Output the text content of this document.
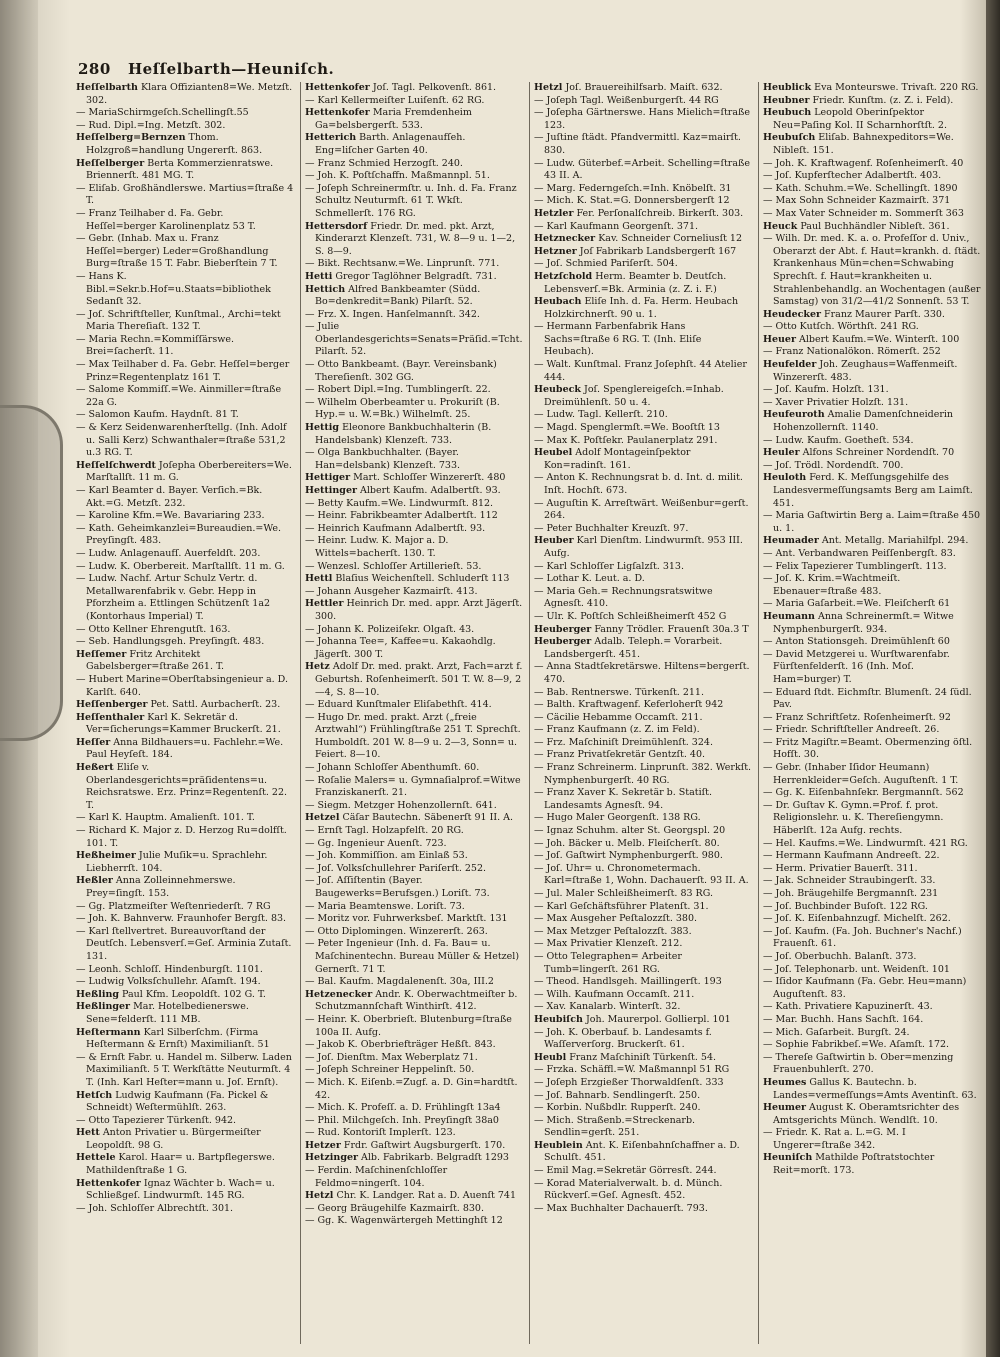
280 Heſſelbarth—Heuniſch.

Heſſelbarth Klara Offizianten8=We. Metzſt. 302.

— MariaSchirmgeſch.Schellingſt.55

— Rud. Dipl.=Ing. Metzſt. 302.

Heſſelberg=Bernzen Thom. Holzgroß=handlung Ungererſt. 863.

Heſſelberger Berta Kommerzienratswe. Briennerſt. 481 MG. T.

— Eliſab. Großhändlerswe. Martius=ſtraße 4 T.

— Franz Teilhaber d. Fa. Gebr. Heſſel=berger Karolinenplatz 53 T.

— Gebr. (Inhab. Max u. Franz Heſſel=berger) Leder=Großhandlung Burg=ſtraße 15 T. Fabr. Bieberſtein 7 T.

— Hans K. Bibl.=Sekr.b.Hof=u.Staats=bibliothek Sedanſt 32.

— Joſ. Schriftſteller, Kunſtmal., Archi=tekt Maria Thereſiaſt. 132 T.

— Maria Rechn.=Kommiſſärswe. Brei=ſacherſt. 11.

— Max Teilhaber d. Fa. Gebr. Heſſel=berger Prinz=Regentenplatz 161 T.

— Salome Kommiſſ.=We. Ainmiller=ſtraße 22a G.

— Salomon Kaufm. Haydnſt. 81 T.

— & Kerz Seidenwarenherſtellg. (Inh. Adolf u. Salli Kerz) Schwanthaler=ſtraße 531,2 u.3 RG. T.

Heſſelſchwerdt Joſepha Oberbereiters=We. Marſtallſt. 11 m. G.

— Karl Beamter d. Bayer. Verſich.=Bk. Akt.=G. Metzſt. 232.

— Karoline Kfm.=We. Bavariaring 233.

— Kath. Geheimkanzlei=Bureaudien.=We. Preyſingſt. 483.

— Ludw. Anlagenaufſ. Auerfeldſt. 203.

— Ludw. K. Oberbereit. Marſtallſt. 11 m. G.

— Ludw. Nachf. Artur Schulz Vertr. d. Metallwarenfabrik v. Gebr. Hepp in Pforzheim a. Ettlingen Schützenſt 1a2 (Kontorhaus Imperial) T.

— Otto Kellner Ehrengutſt. 163.

— Seb. Handlungsgeh. Preyſingſt. 483.

Heſſemer Fritz Architekt Gabelsberger=ſtraße 261. T.

— Hubert Marine=Oberſtabsingenieur a. D. Karlſt. 640.

Heſſenberger Pet. Sattl. Aurbacherſt. 23.

Heſſenthaler Karl K. Sekretär d. Ver=ſicherungs=Kammer Bruckerſt. 21.

Heſſer Anna Bildhauers=u. Fachlehr.=We. Paul Heyſeſt. 184.

Heßert Eliſe v. Oberlandesgerichts=präſidentens=u. Reichsratswe. Erz. Prinz=Regentenſt. 22. T.

— Karl K. Hauptm. Amalienſt. 101. T.

— Richard K. Major z. D. Herzog Ru=dolfſt. 101. T.

Heßheimer Julie Muſik=u. Sprachlehr. Liebherrſt. 104.

Heßler Anna Zolleinnehmerswe. Prey=ſingſt. 153.

— Gg. Platzmeiſter Weſtenriederſt. 7 RG

— Joh. K. Bahnverw. Fraunhofer Bergſt. 83.

— Karl ſtellvertret. Bureauvorſtand der Deutſch. Lebensverſ.=Geſ. Arminia Zutaſt. 131.

— Leonh. Schloſſ. Hindenburgſt. 1101.

— Ludwig Volksſchullehr. Aſamſt. 194.

Heßling Paul Kfm. Leopoldſt. 102 G. T.

Heßlinger Mar. Hotelbedienerswe. Sene=felderſt. 111 MB.

Heſtermann Karl Silberſchm. (Firma Heſtermann & Ernſt) Maximilianſt. 51

— & Ernſt Fabr. u. Handel m. Silberw. Laden Maximilianſt. 5 T. Werkſtätte Neuturmſt. 4 T. (Inh. Karl Heſter=mann u. Joſ. Ernſt).

Hetſch Ludwig Kaufmann (Fa. Pickel & Schneidt) Weſtermühlſt. 263.

— Otto Tapezierer Türkenſt. 942.

Hett Anton Privatier u. Bürgermeiſter Leopoldſt. 98 G.

Hettele Karol. Haar= u. Bartpflegerswe. Mathildenſtraße 1 G.

Hettenkofer Ignaz Wächter b. Wach= u. Schließgeſ. Lindwurmſt. 145 RG.

— Joh. Schloſſer Albrechtſt. 301.

Hettenkofer Joſ. Tagl. Pelkovenſt. 861.

— Karl Kellermeiſter Luiſenſt. 62 RG.

Hettenkofer Maria Fremdenheim Ga=belsbergerſt. 533.

Hetterich Barth. Anlagenaufſeh. Eng=liſcher Garten 40.

— Franz Schmied Herzogſt. 240.

— Joh. K. Poſtſchaffn. Maßmannpl. 51.

— Joſeph Schreinermſtr. u. Inh. d. Fa. Franz Schultz Neuturmſt. 61 T. Wkſt. Schmellerſt. 176 RG.

Hettersdorf Friedr. Dr. med. pkt. Arzt, Kinderarzt Klenzeſt. 731, W. 8—9 u. 1—2, S. 8—9.

— Bikt. Rechtsanw.=We. Linprunſt. 771.

Hetti Gregor Taglöhner Belgradſt. 731.

Hettich Alfred Bankbeamter (Südd. Bo=denkredit=Bank) Pilarſt. 52.

— Frz. X. Ingen. Hanſelmannſt. 342.

— Julie Oberlandesgerichts=Senats=Präſid.=Tcht. Pilarſt. 52.

— Otto Bankbeamt. (Bayr. Vereinsbank) Thereſienſt. 302 GG.

— Robert Dipl.=Ing. Tumblingerſt. 22.

— Wilhelm Oberbeamter u. Prokuriſt (B. Hyp.= u. W.=Bk.) Wilhelmſt. 25.

Hettig Eleonore Bankbuchhalterin (B. Handelsbank) Klenzeſt. 733.

— Olga Bankbuchhalter. (Bayer. Han=delsbank) Klenzeſt. 733.

Hettiger Mart. Schloſſer Winzererſt. 480

Hettinger Albert Kaufm. Adalbertſt. 93.

— Betty Kaufm.=We. Lindwurmſt. 812.

— Heinr. Fabrikbeamter Adalbertſt. 112

— Heinrich Kaufmann Adalbertſt. 93.

— Heinr. Ludw. K. Major a. D. Wittels=bacherſt. 130. T.

— Wenzesl. Schloſſer Artillerieſt. 53.

Hettl Blaſius Weichenſtell. Schluderſt 113

— Johann Ausgeher Kazmairſt. 413.

Hettler Heinrich Dr. med. appr. Arzt Jägerſt. 300.

— Johann K. Polizeiſekr. Olgaſt. 43.

— Johanna Tee=, Kaffee=u. Kakaohdlg. Jägerſt. 300 T.

Hetz Adolf Dr. med. prakt. Arzt, Fach=arzt f. Geburtsh. Roſenheimerſt. 501 T. W. 8—9, 2—4, S. 8—10.

— Eduard Kunſtmaler Eliſabethſt. 414.

— Hugo Dr. med. prakt. Arzt („freie Arztwahl“) Frühlingſtraße 251 T. Sprechſt. Humboldſt. 201 W. 8—9 u. 2—3, Sonn= u. Feiert. 8—10.

— Johann Schloſſer Abenthumſt. 60.

— Roſalie Malers= u. Gymnaſialprof.=Witwe Franziskanerſt. 21.

— Siegm. Metzger Hohenzollernſt. 641.

Hetzel Cäſar Bautechn. Säbenerſt 91 II. A.

— Ernſt Tagl. Holzapfelſt. 20 RG.

— Gg. Ingenieur Auenſt. 723.

— Joh. Kommiſſion. am Einlaß 53.

— Joſ. Volksſchullehrer Pariſerſt. 252.

— Joſ. Aſſiſtentin (Bayer. Baugewerks=Berufsgen.) Loriſt. 73.

— Maria Beamtenswe. Loriſt. 73.

— Moritz vor. Fuhrwerksbeſ. Marktſt. 131

— Otto Diplomingen. Winzererſt. 263.

— Peter Ingenieur (Inh. d. Fa. Bau= u. Maſchinentechn. Bureau Müller & Hetzel) Gernerſt. 71 T.

— Bal. Kaufm. Magdalenenſt. 30a, III.2

Hetzenecker Andr. K. Oberwachtmeiſter b. Schutzmannſchaft Winthirſt. 412.

— Heinr. K. Oberbrieſt. Blutenburg=ſtraße 100a II. Aufg.

— Jakob K. Oberbriefträger Heßſt. 843.

— Joſ. Dienſtm. Max Weberplatz 71.

— Joſeph Schreiner Heppelinſt. 50.

— Mich. K. Eiſenb.=Zugf. a. D. Gin=hardtſt. 42.

— Mich. K. Profeſſ. a. D. Frühlingſt 13a4

— Phil. Milchgeſch. Inh. Preyſingſt 38a0

— Rud. Kontoriſt Implerſt. 123.

Hetzer Frdr. Gaſtwirt Augsburgerſt. 170.

Hetzinger Alb. Fabrikarb. Belgradſt 1293

— Ferdin. Maſchinenſchloſſer Feldmo=ningerſt. 104.

Hetzl Chr. K. Landger. Rat a. D. Auenſt 741

— Georg Bräugehilfe Kazmairſt. 830.

— Gg. K. Wagenwärtergeh Mettinghſt 12

Hetzl Joſ. Brauereihilfsarb. Maiſt. 632.

— Joſeph Tagl. Weißenburgerſt. 44 RG

— Joſepha Gärtnerswe. Hans Mielich=ſtraße 123.

— Juſtine ſtädt. Pfandvermittl. Kaz=mairſt. 830.

— Ludw. Güterbef.=Arbeit. Schelling=ſtraße 43 II. A.

— Marg. Federngeſch.=Inh. Knöbelſt. 31

— Mich. K. Stat.=G. Donnersbergerſt 12

Hetzler Fer. Perſonalſchreib. Birkerſt. 303.

— Karl Kaufmann Georgenſt. 371.

Hetznecker Kav. Schneider Corneliusſt 12

Hetzner Joſ Fabrikarb Landsbergerſt 167

— Joſ. Schmied Pariſerſt. 504.

Hetzſchold Herm. Beamter b. Deutſch. Lebensverſ.=Bk. Arminia (z. Z. i. F.)

Heubach Eliſe Inh. d. Fa. Herm. Heubach Holzkirchnerſt. 90 u. 1.

— Hermann Farbenfabrik Hans Sachs=ſtraße 6 RG. T. (Inh. Eliſe Heubach).

— Walt. Kunſtmal. Franz Joſephſt. 44 Atelier 444.

Heubeck Joſ. Spenglereigeſch.=Inhab. Dreimühlenſt. 50 u. 4.

— Ludw. Tagl. Kellerſt. 210.

— Magd. Spenglermſt.=We. Booſtſt 13

— Max K. Poſtſekr. Paulanerplatz 291.

Heubel Adolf Montageinſpektor Kon=radinſt. 161.

— Anton K. Rechnungsrat b. d. Int. d. milit. Inſt. Hochſt. 673.

— Auguſtin K. Arreſtwärt. Weißenbur=gerſt. 264.

— Peter Buchhalter Kreuzſt. 97.

Heuber Karl Dienſtm. Lindwurmſt. 953 III. Aufg.

— Karl Schloſſer Ligſalzſt. 313.

— Lothar K. Leut. a. D.

— Maria Geh.= Rechnungsratswitwe Agnesſt. 410.

— Ulr. K. Poſtſch Schleißheimerſt 452 G

Heuberger Fanny Trödler. Frauenſt 30a.3 T

Heuberger Adalb. Teleph.= Vorarbeit. Landsbergerſt. 451.

— Anna Stadtſekretärswe. Hiltens=bergerſt. 470.

— Bab. Rentnerswe. Türkenſt. 211.

— Balth. Kraftwagenf. Keferloherſt 942

— Cäcilie Hebamme Occamſt. 211.

— Franz Kaufmann (z. Z. im Feld).

— Frz. Maſchiniſt Dreimühlenſt. 324.

— Franz Privatſekretär Gentzſt. 40.

— Franz Schreinerm. Linprunſt. 382. Werkſt. Nymphenburgerſt. 40 RG.

— Franz Xaver K. Sekretär b. Statiſt. Landesamts Agnesſt. 94.

— Hugo Maler Georgenſt. 138 RG.

— Ignaz Schuhm. alter St. Georgspl. 20

— Joh. Bäcker u. Melb. Fleiſcherſt. 80.

— Joſ. Gaſtwirt Nymphenburgerſt. 980.

— Joſ. Uhr= u. Chronometermach. Karl=ſtraße 1, Wohn. Dachauerſt. 93 II. A.

— Jul. Maler Schleißheimerſt. 83 RG.

— Karl Geſchäftsführer Platenſt. 31.

— Max Ausgeher Peſtalozzſt. 380.

— Max Metzger Peſtalozzſt. 383.

— Max Privatier Klenzeſt. 212.

— Otto Telegraphen= Arbeiter Tumb=lingerſt. 261 RG.

— Theod. Handlsgeh. Maillingerſt. 193

— Wilh. Kaufmann Occamſt. 211.

— Xav. Kanalarb. Winterſt. 32.

Heubiſch Joh. Maurerpol. Gollierpl. 101

— Joh. K. Oberbauf. b. Landesamts f. Waſſerverſorg. Bruckerſt. 61.

Heubl Franz Maſchiniſt Türkenſt. 54.

— Frzka. Schäffl.=W. Maßmannpl 51 RG

— Joſeph Erzgießer Thorwaldſenſt. 333

— Joſ. Bahnarb. Sendlingerſt. 250.

— Korbin. Nußbdlr. Rupperſt. 240.

— Mich. Straßenb.=Streckenarb. Sendlin=gerſt. 251.

Heublein Ant. K. Eiſenbahnſchaffner a. D. Schulſt. 451.

— Emil Mag.=Sekretär Görresſt. 244.

— Korad Materialverwalt. b. d. Münch. Rückverſ.=Geſ. Agnesſt. 452.

— Max Buchhalter Dachauerſt. 793.

Heublick Eva Monteurswe. Trivaſt. 220 RG.

Heubner Friedr. Kunſtm. (z. Z. i. Feld).

Heubuch Leopold Oberinſpektor Neu=Paſing Kol. II Scharnhorſtſt. 2.

Heubuſch Eliſab. Bahnexpeditors=We. Nibleſt. 151.

— Joh. K. Kraftwagenf. Roſenheimerſt. 40

— Joſ. Kupferſtecher Adalbertſt. 403.

— Kath. Schuhm.=We. Schellingſt. 1890

— Max Sohn Schneider Kazmairſt. 371

— Max Vater Schneider m. Sommerſt 363

Heuck Paul Buchhändler Nibleſt. 361.

— Wilh. Dr. med. K. a. o. Profeſſor d. Univ., Oberarzt der Abt. f. Haut=krankh. d. ſtädt. Krankenhaus Mün=chen=Schwabing Sprechſt. f. Haut=krankheiten u. Strahlenbehandlg. an Wochentagen (außer Samstag) von 31/2—41/2 Sonnenſt. 53 T.

Heudecker Franz Maurer Parſt. 330.

— Otto Kutſch. Wörthſt. 241 RG.

Heuer Albert Kaufm.=We. Winterſt. 100

— Franz Nationalökon. Römerſt. 252

Heufelder Joh. Zeughaus=Waffenmeiſt. Winzererſt. 483.

— Joſ. Kaufm. Holzſt. 131.

— Xaver Privatier Holzſt. 131.

Heufeuroth Amalie Damenſchneiderin Hohenzollernſt. 1140.

— Ludw. Kaufm. Goetheſt. 534.

Heuler Alfons Schreiner Nordendſt. 70

— Joſ. Trödl. Nordendſt. 700.

Heuloth Ferd. K. Meſſungsgehilfe des Landesvermeſſungsamts Berg am Laimſt. 451.

— Maria Gaſtwirtin Berg a. Laim=ſtraße 450 u. 1.

Heumader Ant. Metallg. Mariahilfpl. 294.

— Ant. Verbandwaren Peiſſenbergſt. 83.

— Felix Tapezierer Tumblingerſt. 113.

— Joſ. K. Krim.=Wachtmeiſt. Ebenauer=ſtraße 483.

— Maria Gaſarbeit.=We. Fleiſcherſt 61

Heumann Anna Schreinermſt.= Witwe Nymphenburgerſt. 934.

— Anton Stationsgeh. Dreimühlenſt 60

— David Metzgerei u. Wurſtwarenfabr. Fürſtenfelderſt. 16 (Inh. Moſ. Ham=burger) T.

— Eduard ſtdt. Eichmſtr. Blumenſt. 24 ſüdl. Pav.

— Franz Schriftſetz. Roſenheimerſt. 92

— Friedr. Schriftſteller Andreeſt. 26.

— Fritz Magiſtr.=Beamt. Obermenzing öſtl. Hofſt. 30.

— Gebr. (Inhaber Iſidor Heumann) Herrenkleider=Geſch. Auguſtenſt. 1 T.

— Gg. K. Eiſenbahnſekr. Bergmannſt. 562

— Dr. Guſtav K. Gymn.=Prof. f. prot. Religionslehr. u. K. Thereſiengymn. Häberlſt. 12a Aufg. rechts.

— Hel. Kaufms.=We. Lindwurmſt. 421 RG.

— Hermann Kaufmann Andreeſt. 22.

— Herm. Privatier Bauerſt. 311.

— Jak. Schneider Straubingerſt. 33.

— Joh. Bräugehilfe Bergmannſt. 231

— Joſ. Buchbinder Buſoſt. 122 RG.

— Joſ. K. Eiſenbahnzugf. Michelſt. 262.

— Joſ. Kaufm. (Fa. Joh. Buchner's Nachf.) Frauenſt. 61.

— Joſ. Oberbuchh. Balanſt. 373.

— Joſ. Telephonarb. unt. Weidenſt. 101

— Iſidor Kaufmann (Fa. Gebr. Heu=mann) Auguſtenſt. 83.

— Kath. Privatiere Kapuzinerſt. 43.

— Mar. Buchh. Hans Sachſt. 164.

— Mich. Gaſarbeit. Burgſt. 24.

— Sophie Fabrikbeſ.=We. Aſamſt. 172.

— Thereſe Gaſtwirtin b. Ober=menzing Frauenbuhlerſt. 270.

Heumes Gallus K. Bautechn. b. Landes=vermeſſungs=Amts Aventinſt. 63.

Heumer August K. Oberamtsrichter des Amtsgerichts Münch. Wendlſt. 10.

— Friedr. K. Rat a. L.=G. M. I Ungerer=ſtraße 342.

Heuniſch Mathilde Poſtratstochter Reit=morſt. 173.
